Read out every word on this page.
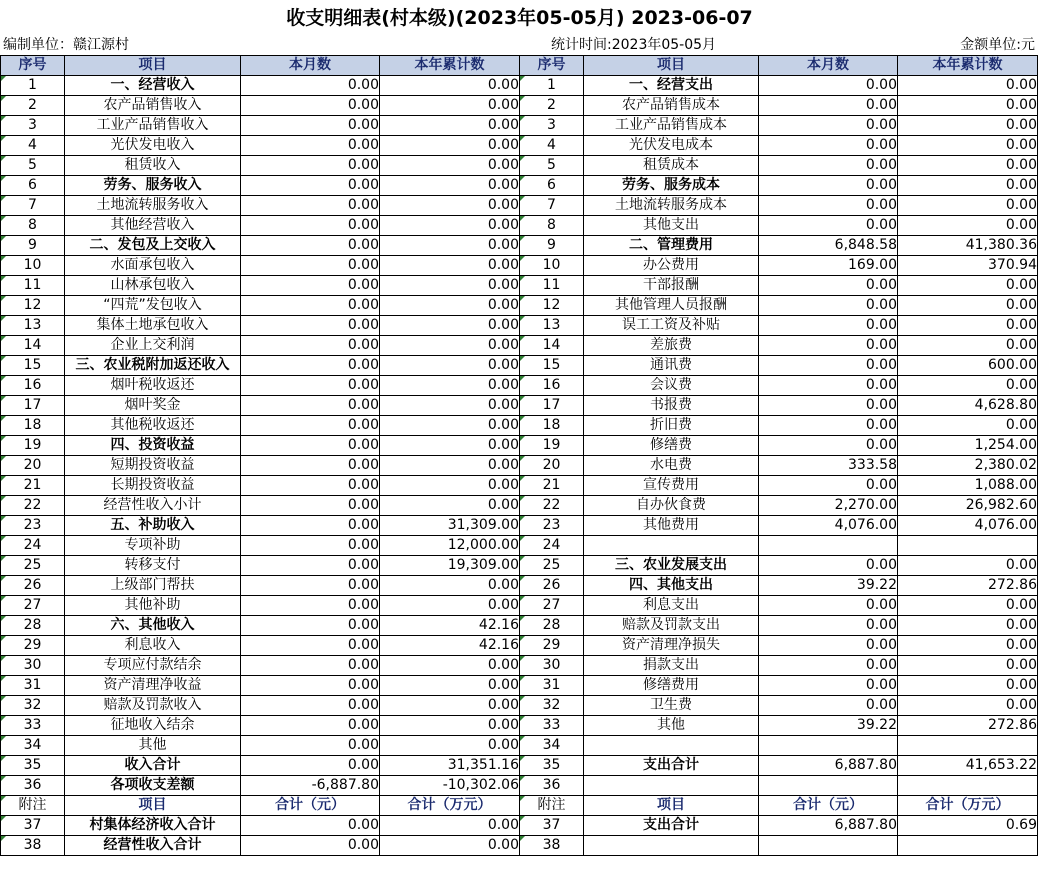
收支明细表(村本级)(2023年05-05月) 2023-06-07
编制单位：赣江源村	统计时间:2023年05-05月	金额单位:元
序号	项目	本月数	本年累计数	序号	项目	本月数	本年累计数
1	一、经营收入	0.00	0.00	1	一、经营支出	0.00	0.00
2	农产品销售收入	0.00	0.00	2	农产品销售成本	0.00	0.00
3	工业产品销售收入	0.00	0.00	3	工业产品销售成本	0.00	0.00
4	光伏发电收入	0.00	0.00	4	光伏发电成本	0.00	0.00
5	租赁收入	0.00	0.00	5	租赁成本	0.00	0.00
6	劳务、服务收入	0.00	0.00	6	劳务、服务成本	0.00	0.00
7	土地流转服务收入	0.00	0.00	7	土地流转服务成本	0.00	0.00
8	其他经营收入	0.00	0.00	8	其他支出	0.00	0.00
9	二、发包及上交收入	0.00	0.00	9	二、管理费用	6,848.58	41,380.36
10	水面承包收入	0.00	0.00	10	办公费用	169.00	370.94
11	山林承包收入	0.00	0.00	11	干部报酬	0.00	0.00
12	“四荒”发包收入	0.00	0.00	12	其他管理人员报酬	0.00	0.00
13	集体土地承包收入	0.00	0.00	13	误工工资及补贴	0.00	0.00
14	企业上交利润	0.00	0.00	14	差旅费	0.00	0.00
15	三、农业税附加返还收入	0.00	0.00	15	通讯费	0.00	600.00
16	烟叶税收返还	0.00	0.00	16	会议费	0.00	0.00
17	烟叶奖金	0.00	0.00	17	书报费	0.00	4,628.80
18	其他税收返还	0.00	0.00	18	折旧费	0.00	0.00
19	四、投资收益	0.00	0.00	19	修缮费	0.00	1,254.00
20	短期投资收益	0.00	0.00	20	水电费	333.58	2,380.02
21	长期投资收益	0.00	0.00	21	宣传费用	0.00	1,088.00
22	经营性收入小计	0.00	0.00	22	自办伙食费	2,270.00	26,982.60
23	五、补助收入	0.00	31,309.00	23	其他费用	4,076.00	4,076.00
24	专项补助	0.00	12,000.00	24			
25	转移支付	0.00	19,309.00	25	三、农业发展支出	0.00	0.00
26	上级部门帮扶	0.00	0.00	26	四、其他支出	39.22	272.86
27	其他补助	0.00	0.00	27	利息支出	0.00	0.00
28	六、其他收入	0.00	42.16	28	赔款及罚款支出	0.00	0.00
29	利息收入	0.00	42.16	29	资产清理净损失	0.00	0.00
30	专项应付款结余	0.00	0.00	30	捐款支出	0.00	0.00
31	资产清理净收益	0.00	0.00	31	修缮费用	0.00	0.00
32	赔款及罚款收入	0.00	0.00	32	卫生费	0.00	0.00
33	征地收入结余	0.00	0.00	33	其他	39.22	272.86
34	其他	0.00	0.00	34			
35	收入合计	0.00	31,351.16	35	支出合计	6,887.80	41,653.22
36	各项收支差额	-6,887.80	-10,302.06	36			
附注	项目	合计（元）	合计（万元）	附注	项目	合计（元）	合计（万元）
37	村集体经济收入合计	0.00	0.00	37	支出合计	6,887.80	0.69
38	经营性收入合计	0.00	0.00	38			
